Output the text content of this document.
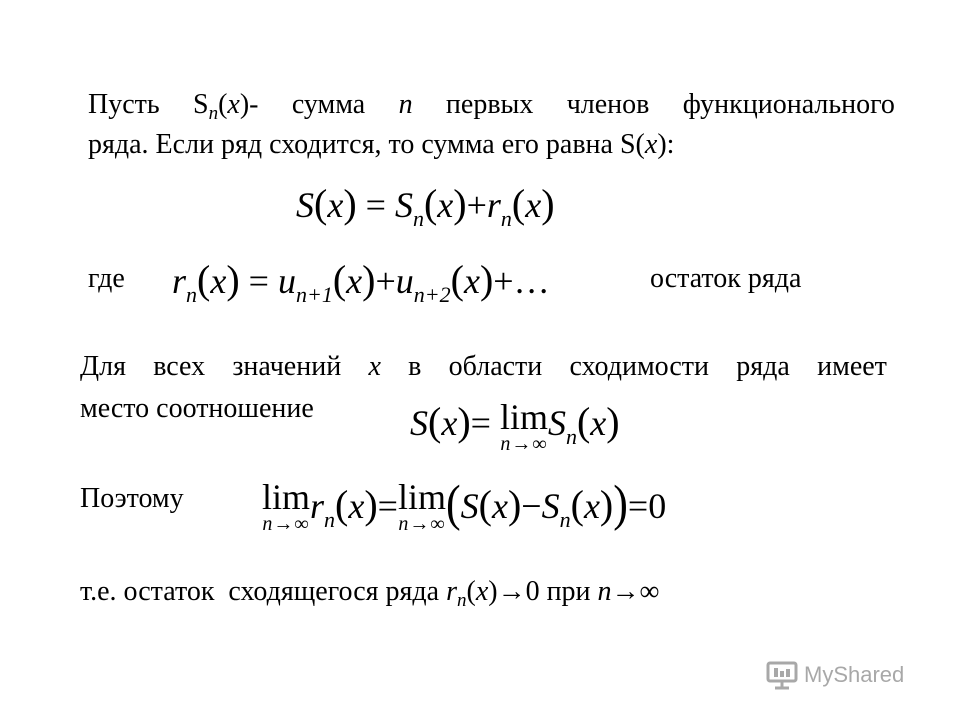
Пусть $S_n(x)-$ сумма n первых членов функционального
ряда. Если ряд сходится, то сумма его равна S(x):
$S(x) = S_n(x)+r_n(x)$
где $r_n(x)$ = $u_{n+1}(x)+u_{n+2}(x)+\dots$	остаток ряда
Для всех значений x в области сходимости ряда имеет
место соотношение	S(x)= lim
n→∞
$S_n(x)$
Поэтому lim
n→∞ $r_n(x)= \lim$
n→∞ $(S(x)-S_n(x))=0$
т.е. остаток  сходящегося ряда $r_n(x)\to 0$ при n→∞
MyShared
